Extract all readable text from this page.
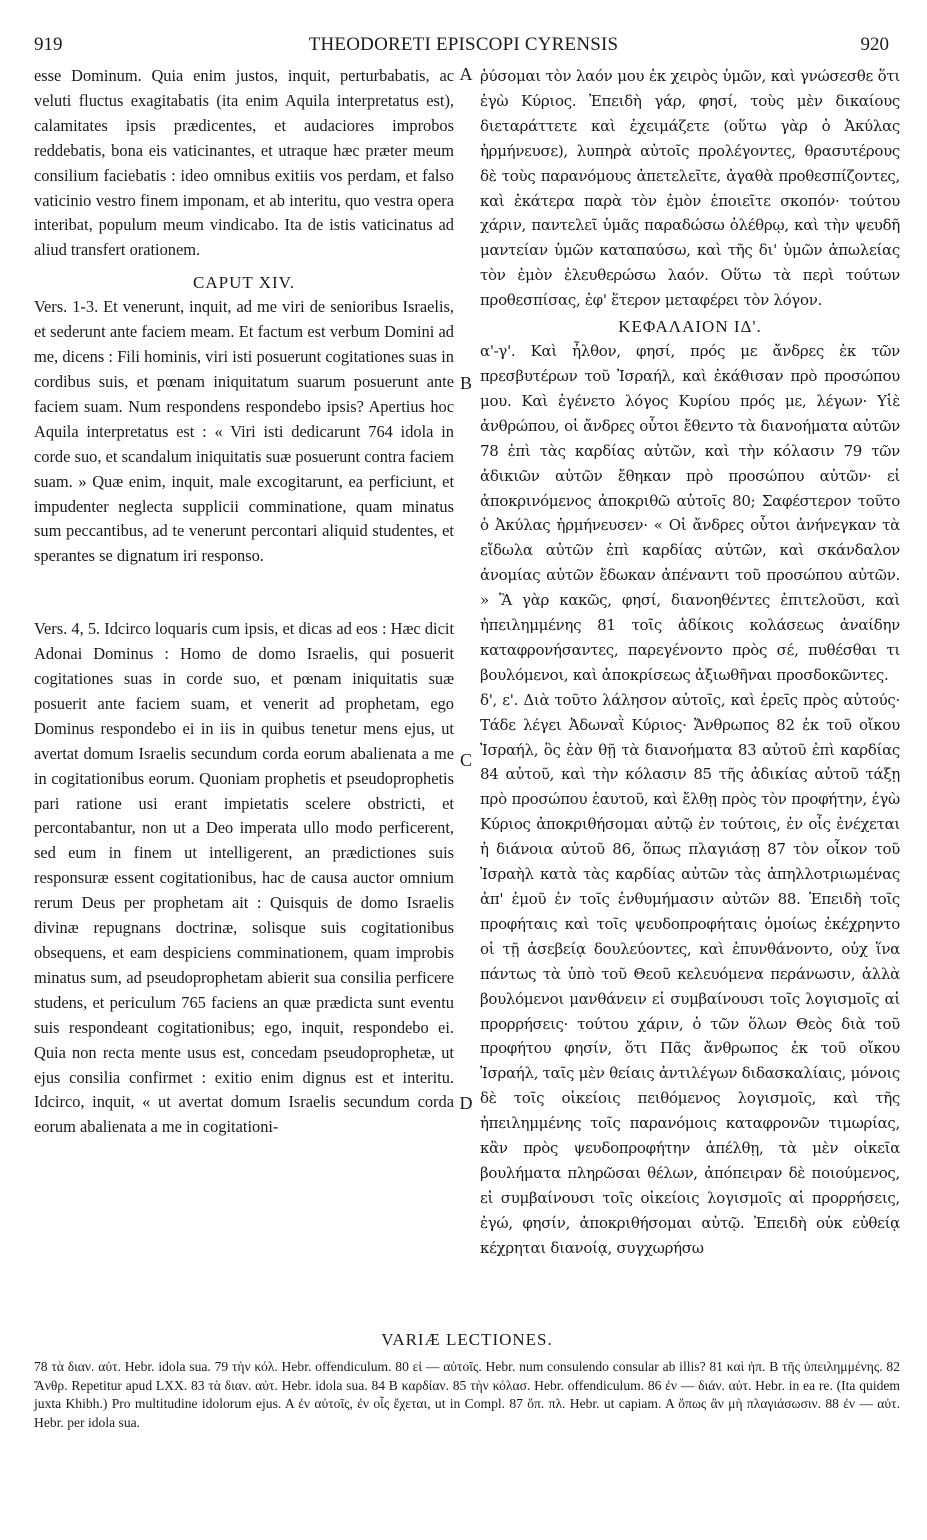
919	THEODORETI EPISCOPI CYRENSIS	920

esse Dominum. Quia enim justos, inquit, perturbabatis, ac veluti fluctus exagitabatis (ita enim Aquila interpretatus est), calamitates ipsis prædicentes, et audaciores improbos reddebatis, bona eis vaticinantes, et utraque hæc præter meum consilium faciebatis : ideo omnibus exitiis vos perdam, et falso vaticinio vestro finem imponam, et ab interitu, quo vestra opera interibat, populum meum vindicabo. Ita de istis vaticinatus ad aliud transfert orationem.

CAPUT XIV.

Vers. 1-3. Et venerunt, inquit, ad me viri de senioribus Israelis, et sederunt ante faciem meam. Et factum est verbum Domini ad me, dicens : Fili hominis, viri isti posuerunt cogitationes suas in cordibus suis, et pœnam iniquitatum suarum posuerunt ante faciem suam. Num respondens respondebo ipsis? Apertius hoc Aquila interpretatus est : « Viri isti dedicarunt 764 idola in corde suo, et scandalum iniquitatis suæ posuerunt contra faciem suam. » Quæ enim, inquit, male excogitarunt, ea perficiunt, et impudenter neglecta supplicii comminatione, quam minatus sum peccantibus, ad te venerunt percontari aliquid studentes, et sperantes se dignatum iri responso.

Vers. 4, 5. Idcirco loquaris cum ipsis, et dicas ad eos : Hæc dicit Adonai Dominus : Homo de domo Israelis, qui posuerit cogitationes suas in corde suo, et pœnam iniquitatis suæ posuerit ante faciem suam, et venerit ad prophetam, ego Dominus respondebo ei in iis in quibus tenetur mens ejus, ut avertat domum Israelis secundum corda eorum abalienata a me in cogitationibus eorum. Quoniam prophetis et pseudoprophetis pari ratione usi erant impietatis scelere obstricti, et percontabantur, non ut a Deo imperata ullo modo perficerent, sed eum in finem ut intelligerent, an prædictiones suis responsuræ essent cogitationibus, hac de causa auctor omnium rerum Deus per prophetam ait : Quisquis de domo Israelis divinæ repugnans doctrinæ, solisque suis cogitationibus obsequens, et eam despiciens comminationem, quam improbis minatus sum, ad pseudoprophetam abierit sua consilia perficere studens, et periculum 765 faciens an quæ prædicta sunt eventu suis respondeant cogitationibus; ego, inquit, respondebo ei. Quia non recta mente usus est, concedam pseudoprophetæ, ut ejus consilia confirmet : exitio enim dignus est et interitu. Idcirco, inquit, « ut avertat domum Israelis secundum corda eorum abalienata a me in cogitationi-

A
B
C
D

ῥύσομαι τὸν λαόν μου ἐκ χειρὸς ὑμῶν, καὶ γνώσεσθε ὅτι ἐγὼ Κύριος. Ἐπειδὴ γάρ, φησί, τοὺς μὲν δικαίους διεταράττετε καὶ ἐχειμάζετε (οὕτω γὰρ ὁ Ἀκύλας ἡρμήνευσε), λυπηρὰ αὐτοῖς προλέγοντες, θρασυτέρους δὲ τοὺς παρανόμους ἀπετελεῖτε, ἀγαθὰ προθεσπίζοντες, καὶ ἑκάτερα παρὰ τὸν ἐμὸν ἐποιεῖτε σκοπόν· τούτου χάριν, παντελεῖ ὑμᾶς παραδώσω ὀλέθρῳ, καὶ τὴν ψευδῆ μαντείαν ὑμῶν καταπαύσω, καὶ τῆς δι' ὑμῶν ἀπωλείας τὸν ἐμὸν ἐλευθερώσω λαόν. Οὕτω τὰ περὶ τούτων προθεσπίσας, ἐφ' ἕτερον μεταφέρει τὸν λόγον.

ΚΕΦΑΛΑΙΟΝ ΙΔ'.

α'-γ'. Καὶ ἦλθον, φησί, πρός με ἄνδρες ἐκ τῶν πρεσβυτέρων τοῦ Ἰσραήλ, καὶ ἐκάθισαν πρὸ προσώπου μου. Καὶ ἐγένετο λόγος Κυρίου πρός με, λέγων· Υἱὲ ἀνθρώπου, οἱ ἄνδρες οὗτοι ἔθεντο τὰ διανοήματα αὐτῶν 78 ἐπὶ τὰς καρδίας αὐτῶν, καὶ τὴν κόλασιν 79 τῶν ἀδικιῶν αὐτῶν ἔθηκαν πρὸ προσώπου αὐτῶν· εἰ ἀποκρινόμενος ἀποκριθῶ αὐτοῖς 80; Σαφέστερον τοῦτο ὁ Ἀκύλας ἡρμήνευσεν· « Οἱ ἄνδρες οὗτοι ἀνήνεγκαν τὰ εἴδωλα αὐτῶν ἐπὶ καρδίας αὐτῶν, καὶ σκάνδαλον ἀνομίας αὐτῶν ἔδωκαν ἀπέναντι τοῦ προσώπου αὐτῶν. » Ἃ γὰρ κακῶς, φησί, διανοηθέντες ἐπιτελοῦσι, καὶ ἠπειλημμένης 81 τοῖς ἀδίκοις κολάσεως ἀναίδην καταφρονήσαντες, παρεγένοντο πρὸς σέ, πυθέσθαι τι βουλόμενοι, καὶ ἀποκρίσεως ἀξιωθῆναι προσδοκῶντες.

δ', ε'. Διὰ τοῦτο λάλησον αὐτοῖς, καὶ ἐρεῖς πρὸς αὐτούς· Τάδε λέγει Ἀδωναῒ Κύριος· Ἄνθρωπος 82 ἐκ τοῦ οἴκου Ἰσραήλ, ὃς ἐὰν θῇ τὰ διανοήματα 83 αὐτοῦ ἐπὶ καρδίας 84 αὐτοῦ, καὶ τὴν κόλασιν 85 τῆς ἀδικίας αὐτοῦ τάξῃ πρὸ προσώπου ἑαυτοῦ, καὶ ἔλθῃ πρὸς τὸν προφήτην, ἐγὼ Κύριος ἀποκριθήσομαι αὐτῷ ἐν τούτοις, ἐν οἷς ἐνέχεται ἡ διάνοια αὐτοῦ 86, ὅπως πλαγιάσῃ 87 τὸν οἶκον τοῦ Ἰσραὴλ κατὰ τὰς καρδίας αὐτῶν τὰς ἀπηλλοτριωμένας ἀπ' ἐμοῦ ἐν τοῖς ἐνθυμήμασιν αὐτῶν 88. Ἐπειδὴ τοῖς προφήταις καὶ τοῖς ψευδοπροφήταις ὁμοίως ἐκέχρηντο οἱ τῇ ἀσεβείᾳ δουλεύοντες, καὶ ἐπυνθάνοντο, οὐχ ἵνα πάντως τὰ ὑπὸ τοῦ Θεοῦ κελευόμενα περάνωσιν, ἀλλὰ βουλόμενοι μανθάνειν εἰ συμβαίνουσι τοῖς λογισμοῖς αἱ προρρήσεις· τούτου χάριν, ὁ τῶν ὅλων Θεὸς διὰ τοῦ προφήτου φησίν, ὅτι Πᾶς ἄνθρωπος ἐκ τοῦ οἴκου Ἰσραήλ, ταῖς μὲν θείαις ἀντιλέγων διδασκαλίαις, μόνοις δὲ τοῖς οἰκείοις πειθόμενος λογισμοῖς, καὶ τῆς ἠπειλημμένης τοῖς παρανόμοις καταφρονῶν τιμωρίας, κἂν πρὸς ψευδοπροφήτην ἀπέλθῃ, τὰ μὲν οἰκεῖα βουλήματα πληρῶσαι θέλων, ἀπόπειραν δὲ ποιούμενος, εἰ συμβαίνουσι τοῖς οἰκείοις λογισμοῖς αἱ προρρήσεις, ἐγώ, φησίν, ἀποκριθήσομαι αὐτῷ. Ἐπειδὴ οὐκ εὐθείᾳ κέχρηται διανοίᾳ, συγχωρήσω

VARIÆ LECTIONES.

78 τὰ διαν. αὐτ. Hebr. idola sua. 79 τὴν κόλ. Hebr. offendiculum. 80 εἰ — αὐτοῖς. Hebr. num consulendo consular ab illis? 81 καὶ ἠπ. B τῆς ὑπειλημμένης. 82 Ἄνθρ. Repetitur apud LXX. 83 τὰ διαν. αὐτ. Hebr. idola sua. 84 B καρδίαν. 85 τὴν κόλασ. Hebr. offendiculum. 86 ἐν — διάν. αὐτ. Hebr. in ea re. (Ita quidem juxta Khibh.) Pro multitudine idolorum ejus. A ἐν αὐτοῖς, ἐν οἷς ἔχεται, ut in Compl. 87 ὅπ. πλ. Hebr. ut capiam. A ὅπως ἂν μὴ πλαγιάσωσιν. 88 ἐν — αὐτ. Hebr. per idola sua.
